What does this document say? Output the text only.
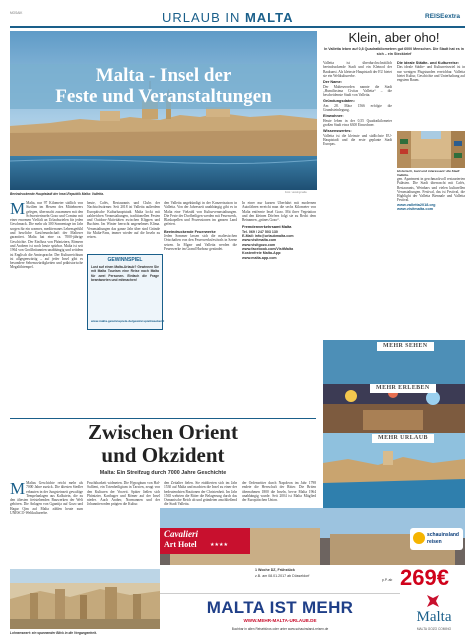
MOSAIK	URLAUB IN MALTA	REISEextra
Malta - Insel der
Feste und Veranstaltungen
Foto: viewingmalta
Beeindruckende Hauptstadt der Insel-Republik Malta: Valletta.
M Malta, nur 97 Kilometer südlich von Sizilien im Herzen des Mittelmeers gelegen, überrascht zusammen mit den Schwesterinseln Gozo und Comino mit einer enormen Vielfalt an Urlaubszielen für jeden Geschmack. Die mehr als 300 Sonnentage im Jahr sorgen für ein warmes, mediterranes Lebensgefühl und herzliche Gastfreundschaft der Malteser garantiert. Malta hat eine ca. 7000-jährige Geschichte. Der Einfluss von Phöniziern, Römern und Arabern ist noch heute spürbar. Malta ist seit 1964 von Großbritannien unabhängig und seitdem ist Englisch die Amtssprache. Der Kulturreichtum ist allgegenwärtig – auf jeder Insel gibt es besondere Sehenswürdigkeiten und prähistorische Megalithtempel.
heute, Cafés, Restaurants und Clubs der Nachtschwärmer. Seit 2018 ist Valletta außerdem Europäische Kulturhauptstadt. Malta lockt mit zahlreichen Veranstaltungen, traditionellen Festen und Outdoor-Aktivitäten zwischen Klippen und Buchten. Im Winter herrscht angenehmes Klima. Veranstaltungen das ganze Jahr über sind Gründe für Malta-Fans, immer wieder auf die Inseln zu reisen.
GEWINNSPIEL
Lust auf einen Malta-Urlaub? Gewinnen Sie mit Malta Tourism eine Reise nach Malta für zwei Personen. Einfach die Frage beantworten und mitmachen!
www.malta.gewinnspiele.de/gewinnspiel/weekend
den Valletta angekündigt in der Konzertsaison in Valletta. Von der Jahreszeit unabhängig gibt es in Malta eine Vielzahl von Kulturveranstaltungen. Die Feste der Dorfheiligen werden mit Feuerwerk, Blaskapellen und Prozessionen im ganzen Land gefeiert.
Beeindruckende Feuerwerke
Jeden Sommer lassen sich die maltesischen Ortschaften von den Feuerwerksfestivals in Szene setzen. In Mgarr und Valletta werden die Feuerwerke im Grand Harbour gezündet.
In einer nur kurzen Überfahrt mit modernen Autofähren erreicht man die sechs Kilometer von Malta entfernte Insel Gozo. Mit ihrer Vegetation und den kleinen Dörfern folgt sie zu Recht dem Beinamen „grünes Gozo“.
Fremdenverkehrsamt Malta
Tel. 069 / 247 503 130
E-Mail: info@urlaubmalta.com
www.visitmalta.com
www.visitgozo.com
www.facebook.com/VisitMalta
Kostenfreie Malta-App:
www.malta-app.com
Zwischen Orient
und Okzident
Malta: Ein Streifzug durch 7000 Jahre Geschichte
M Maltas Geschichte reicht mehr als 7000 Jahre zurück. Die ältesten Siedler erbauten in der Jungsteinzeit gewaltige Tempelanlagen aus Kalkstein, die zu den ältesten freistehenden Bauwerken der Welt gehören. Die Anlagen von Ggantija auf Gozo und Hagar Qim auf Malta zählen heute zum UNESCO-Weltkulturerbe.
Fruchtbarkeit widmeten. Die Hypogäum von Hal-Saflieni, ein Totenheiligtum in Tarxien, zeugt von den Kulturen der Vorzeit. Später ließen sich Phönizier, Karthager und Römer auf der Insel nieder. Auch Araber, Normannen und der Johanniterorden prägten die Kultur.
den Zeitalter fielen. Sie etablierten sich im Jahr 1530 auf Malta und machten die Insel zu einer der bedeutendsten Bastionen der Christenheit. Im Jahr 1565 wehrten die Ritter die Belagerung durch das Osmanische Reich ab und gründeten anschließend die Stadt Valletta.
der Ordensritter durch Napoleon im Jahr 1798 endete die Herrschaft der Ritter. Die Briten übernahmen 1800 die Inseln, bevor Malta 1964 unabhängig wurde. Seit 2004 ist Malta Mitglied der Europäischen Union.
Lohnenswert: ein spannender Blick in die Vergangenheit.
Klein, aber oho!
In Valletta leben auf 0,8 Quadratkilometern gut 6000 Menschen. Die Stadt hat es in sich – ein Steckbrief
Valletta ist überdurchschnittlich beeindruckende Stadt und ein Kleinod der Baukunst. Als kleinste Hauptstadt der EU bietet sie ein Weltkulturerbe.
Der Name:
Der Malteserorden nannte die Stadt „Humilissima Civitas Valletta“ – die bescheidenste Stadt von Valletta.
Gründungsdaten:
Am 28. März 1566 erfolgte die Grundsteinlegung.
Einwohner:
Heute leben in der 0,55 Quadratkilometer großen Stadt etwa 6300 Einwohner.
Wissenswertes:
Valletta ist die kleinste und südlichste EU-Hauptstadt und die erste geplante Stadt Europas.
Die ideale Städte- und Kulturreise:
Das ideale Städte- und Kulturreiseziel ist in nur wenigen Flugstunden erreichbar. Valletta bietet Kultur, Geschichte und Unterhaltung auf engstem Raum.
Historisch, bunt und interessant: die Stadt Valletta.
gen. Apartment in geschmackvoll restaurierten Palästen. Die Stadt überrascht mit Cafés, Restaurants, Weinbars und vielen kulturellen Veranstaltungen. Festival, das ist Festival, die Highlight der Valletta Biennale und Valletta Festival.
www.valletta2018.org
www.visitmalta.com
MEHR SEHEN
MEHR ERLEBEN
MEHR URLAUB
Cavalieri
Art Hotel	★★★★
schauinsland
reisen
1 Woche DZ, Frühstück
z.B. am 08.01.2017 ab Düsseldorf
p.P. ab 269€
MALTA IST MEHR
WWW.MEHR-MALTA-URLAUB.DE
Buchbar in allen Reisebüros oder unter www.schauinsland-reisen.de
Malta
MALTA GOZO COMINO
